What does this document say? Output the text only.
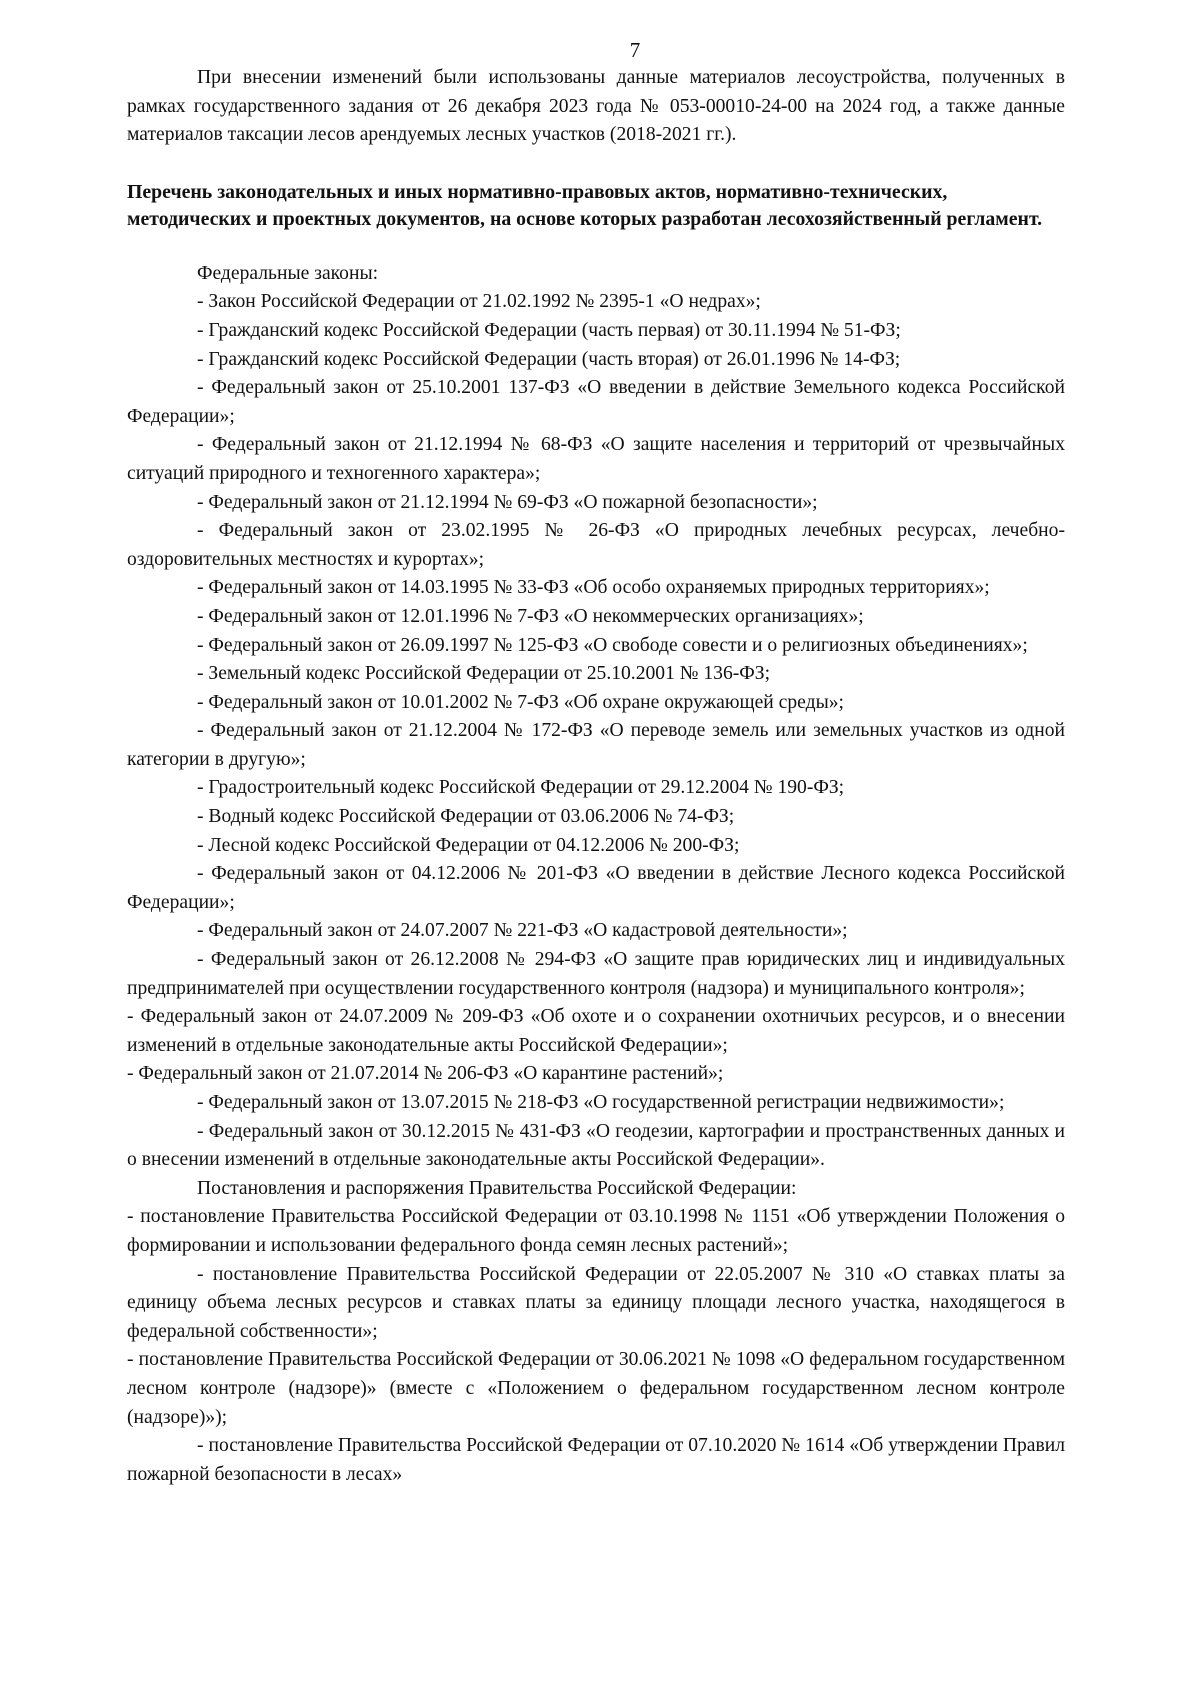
7

При внесении изменений были использованы данные материалов лесоустройства, полученных в рамках государственного задания от 26 декабря 2023 года № 053-00010-24-00 на 2024 год, а также данные материалов таксации лесов арендуемых лесных участков (2018-2021 гг.).

Перечень законодательных и иных нормативно-правовых актов, нормативно-технических, методических и проектных документов, на основе которых разработан лесохозяйственный регламент.

Федеральные законы:

- Закон Российской Федерации от 21.02.1992 № 2395-1 «О недрах»;

- Гражданский кодекс Российской Федерации (часть первая) от 30.11.1994 № 51-ФЗ;

- Гражданский кодекс Российской Федерации (часть вторая) от 26.01.1996 № 14-ФЗ;

- Федеральный закон от 25.10.2001 137-ФЗ «О введении в действие Земельного кодекса Российской Федерации»;

- Федеральный закон от 21.12.1994 № 68-ФЗ «О защите населения и территорий от чрезвычайных ситуаций природного и техногенного характера»;

- Федеральный закон от 21.12.1994 № 69-ФЗ «О пожарной безопасности»;

- Федеральный закон от 23.02.1995 № 26-ФЗ «О природных лечебных ресурсах, лечебно-оздоровительных местностях и курортах»;

- Федеральный закон от 14.03.1995 № 33-ФЗ «Об особо охраняемых природных территориях»;

- Федеральный закон от 12.01.1996 № 7-ФЗ «О некоммерческих организациях»;

- Федеральный закон от 26.09.1997 № 125-ФЗ «О свободе совести и о религиозных объединениях»;

- Земельный кодекс Российской Федерации от 25.10.2001 № 136-ФЗ;

- Федеральный закон от 10.01.2002 № 7-ФЗ «Об охране окружающей среды»;

- Федеральный закон от 21.12.2004 № 172-ФЗ «О переводе земель или земельных участков из одной категории в другую»;

- Градостроительный кодекс Российской Федерации от 29.12.2004 № 190-ФЗ;

- Водный кодекс Российской Федерации от 03.06.2006 № 74-ФЗ;

- Лесной кодекс Российской Федерации от 04.12.2006 № 200-ФЗ;

- Федеральный закон от 04.12.2006 № 201-ФЗ «О введении в действие Лесного кодекса Российской Федерации»;

- Федеральный закон от 24.07.2007 № 221-ФЗ «О кадастровой деятельности»;

- Федеральный закон от 26.12.2008 № 294-ФЗ «О защите прав юридических лиц и индивидуальных предпринимателей при осуществлении государственного контроля (надзора) и муниципального контроля»;

- Федеральный закон от 24.07.2009 № 209-ФЗ «Об охоте и о сохранении охотничьих ресурсов, и о внесении изменений в отдельные законодательные акты Российской Федерации»;

- Федеральный закон от 21.07.2014 № 206-ФЗ «О карантине растений»;

- Федеральный закон от 13.07.2015 № 218-ФЗ «О государственной регистрации недвижимости»;

- Федеральный закон от 30.12.2015 № 431-ФЗ «О геодезии, картографии и пространственных данных и о внесении изменений в отдельные законодательные акты Российской Федерации».

Постановления и распоряжения Правительства Российской Федерации:

- постановление Правительства Российской Федерации от 03.10.1998 № 1151 «Об утверждении Положения о формировании и использовании федерального фонда семян лесных растений»;

- постановление Правительства Российской Федерации от 22.05.2007 № 310 «О ставках платы за единицу объема лесных ресурсов и ставках платы за единицу площади лесного участка, находящегося в федеральной собственности»;

- постановление Правительства Российской Федерации от 30.06.2021 № 1098 «О федеральном государственном лесном контроле (надзоре)» (вместе с «Положением о федеральном государственном лесном контроле (надзоре)»);

- постановление Правительства Российской Федерации от 07.10.2020 № 1614 «Об утверждении Правил пожарной безопасности в лесах»
